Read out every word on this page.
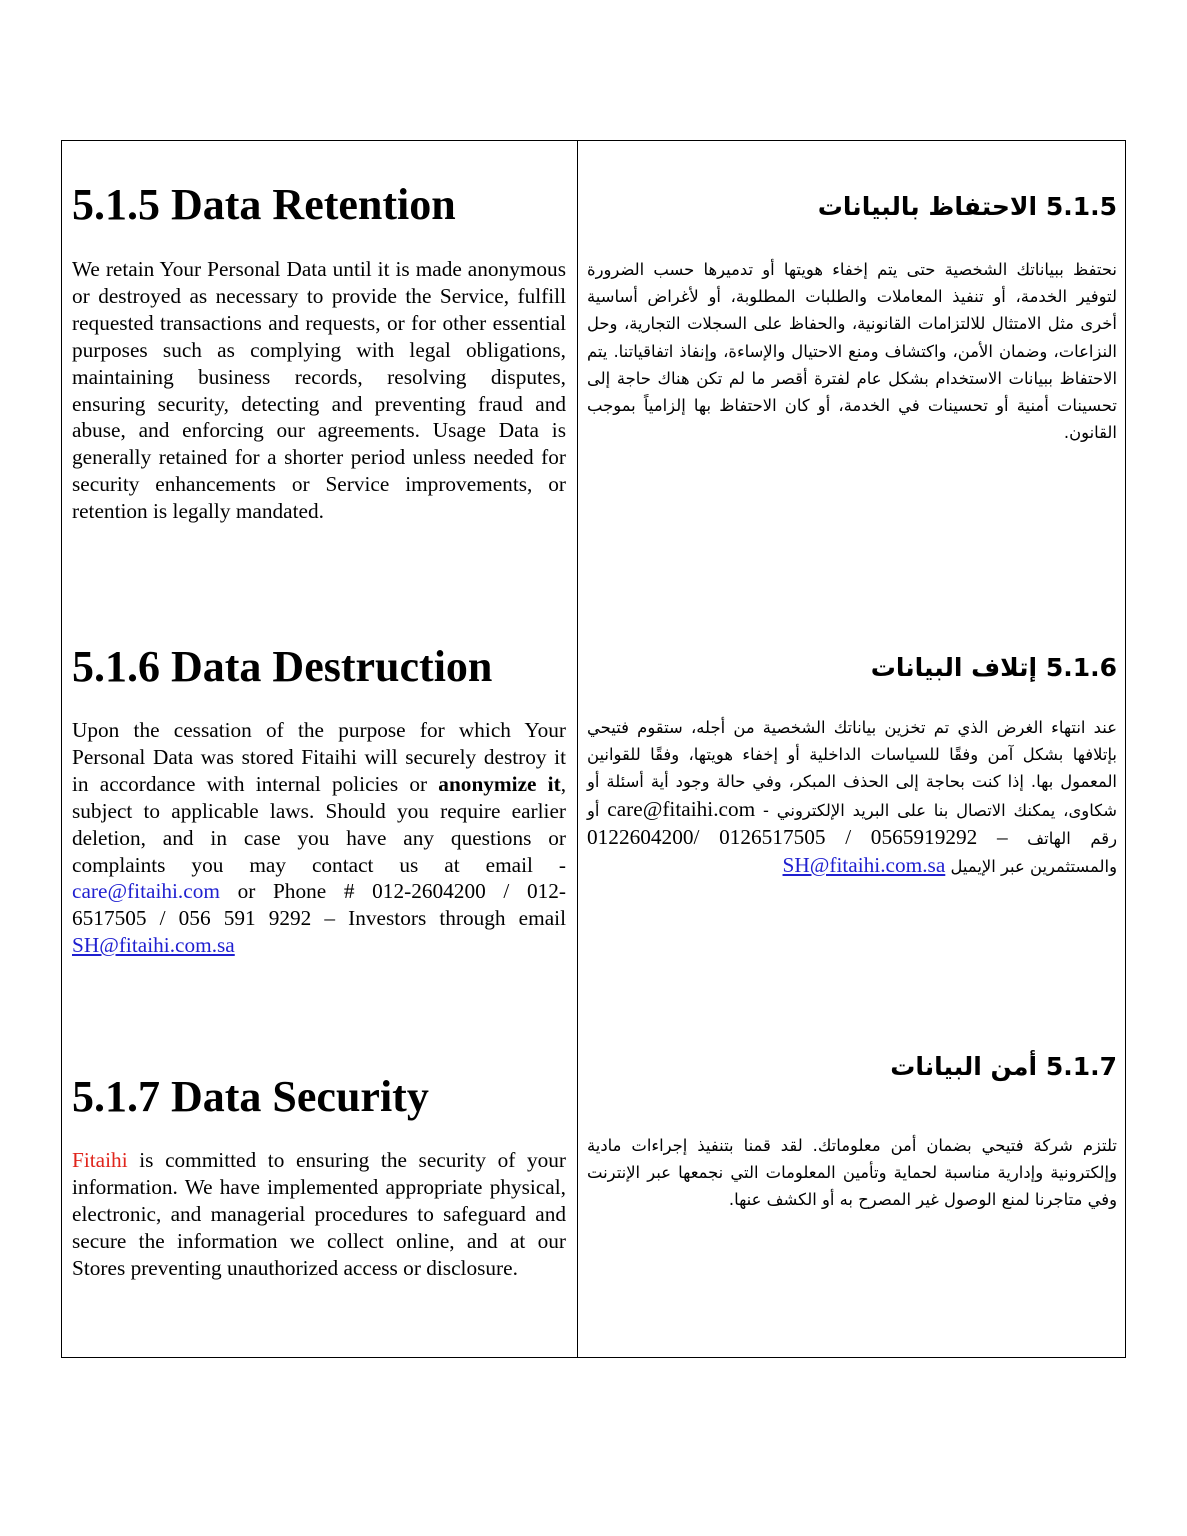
5.1.5 Data Retention

We retain Your Personal Data until it is made anonymous or destroyed as necessary to provide the Service, fulfill requested transactions and requests, or for other essential purposes such as complying with legal obligations, maintaining business records, resolving disputes, ensuring security, detecting and preventing fraud and abuse, and enforcing our agreements. Usage Data is generally retained for a shorter period unless needed for security enhancements or Service improvements, or retention is legally mandated.

5.1.5 الاحتفاظ بالبيانات

نحتفظ ببياناتك الشخصية حتى يتم إخفاء هويتها أو تدميرها حسب الضرورة لتوفير الخدمة، أو تنفيذ المعاملات والطلبات المطلوبة، أو لأغراض أساسية أخرى مثل الامتثال للالتزامات القانونية، والحفاظ على السجلات التجارية، وحل النزاعات، وضمان الأمن، واكتشاف ومنع الاحتيال والإساءة، وإنفاذ اتفاقياتنا. يتم الاحتفاظ ببيانات الاستخدام بشكل عام لفترة أقصر ما لم تكن هناك حاجة إلى تحسينات أمنية أو تحسينات في الخدمة، أو كان الاحتفاظ بها إلزامياً بموجب القانون.

5.1.6 Data Destruction

Upon the cessation of the purpose for which Your Personal Data was stored Fitaihi will securely destroy it in accordance with internal policies or anonymize it, subject to applicable laws. Should you require earlier deletion, and in case you have any questions or complaints you may contact us at email - care@fitaihi.com or Phone # 012-2604200 / 012-6517505 / 056 591 9292 – Investors through email SH@fitaihi.com.sa

5.1.6 إتلاف البيانات

عند انتهاء الغرض الذي تم تخزين بياناتك الشخصية من أجله، ستقوم فتيحي بإتلافها بشكل آمن وفقًا للسياسات الداخلية أو إخفاء هويتها، وفقًا للقوانين المعمول بها. إذا كنت بحاجة إلى الحذف المبكر، وفي حالة وجود أية أسئلة أو شكاوى، يمكنك الاتصال بنا على البريد الإلكتروني - care@fitaihi.com أو رقم الهاتف 0122604200/ 0126517505 / 0565919292 – والمستثمرين عبر الإيميل SH@fitaihi.com.sa

5.1.7 Data Security

Fitaihi is committed to ensuring the security of your information. We have implemented appropriate physical, electronic, and managerial procedures to safeguard and secure the information we collect online, and at our Stores preventing unauthorized access or disclosure.

5.1.7 أمن البيانات

تلتزم شركة فتيحي بضمان أمن معلوماتك. لقد قمنا بتنفيذ إجراءات مادية وإلكترونية وإدارية مناسبة لحماية وتأمين المعلومات التي نجمعها عبر الإنترنت وفي متاجرنا لمنع الوصول غير المصرح به أو الكشف عنها.
